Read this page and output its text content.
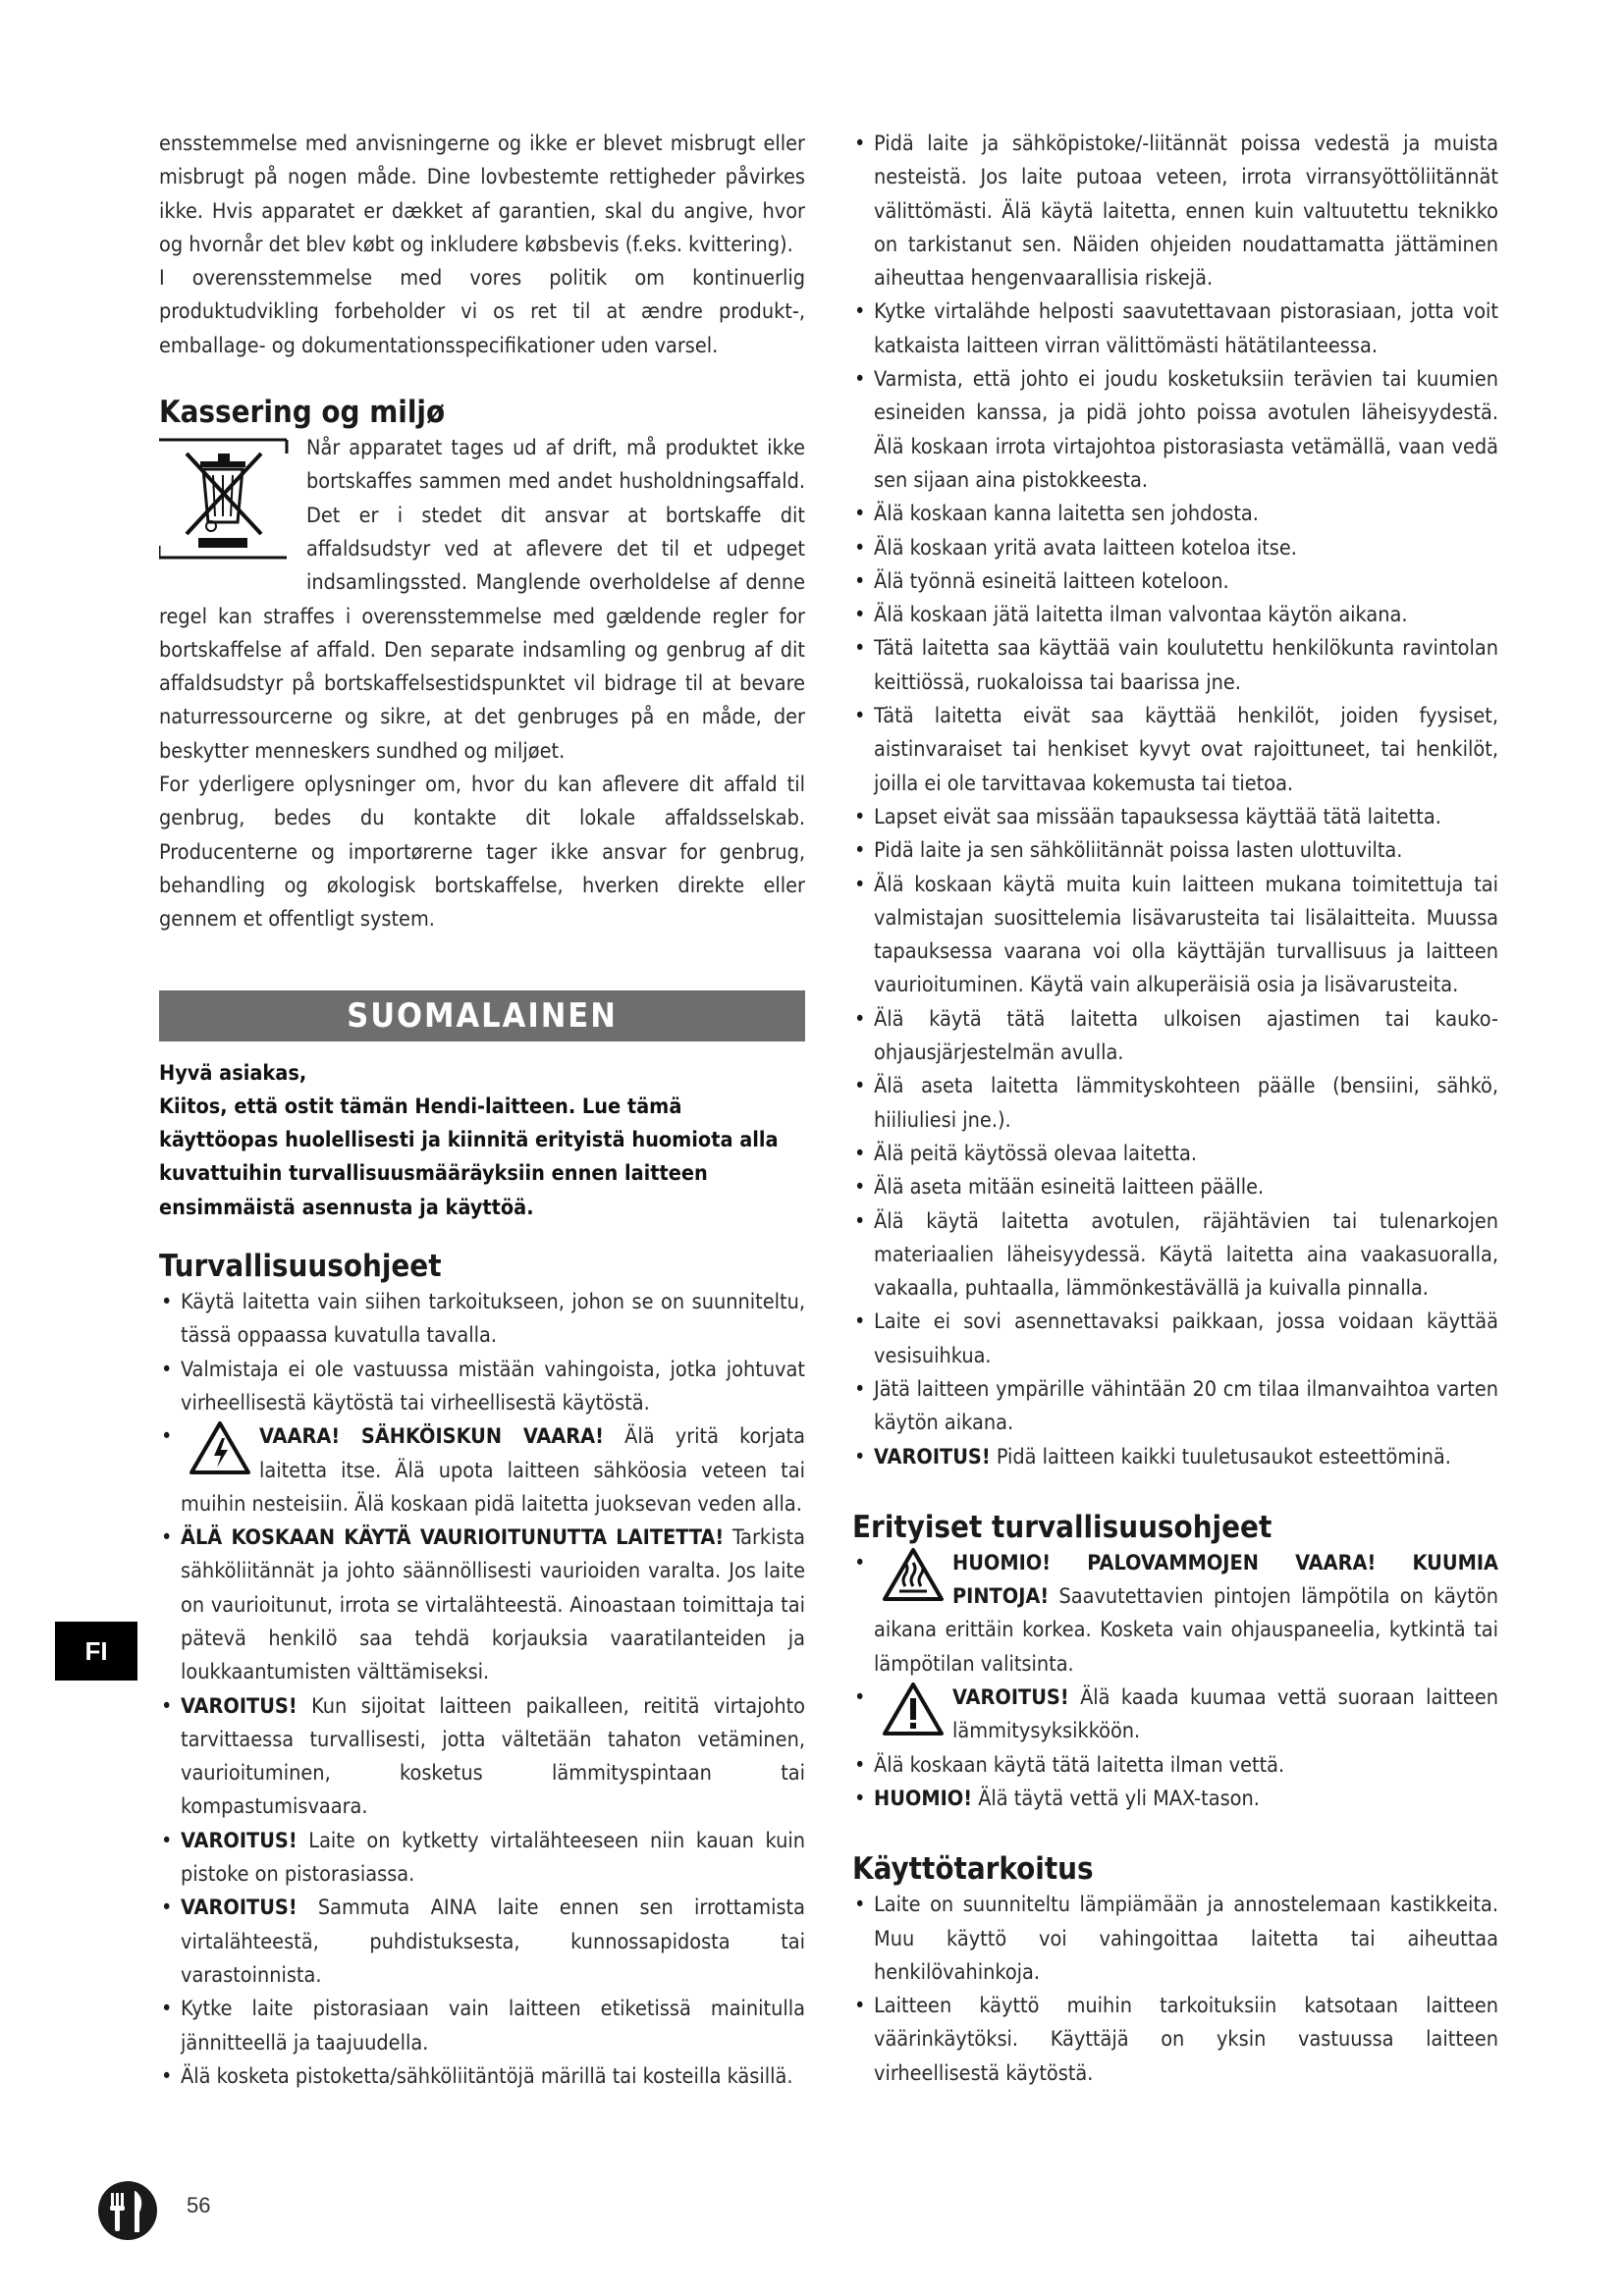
ensstemmelse med anvisningerne og ikke er blevet misbrugt eller misbrugt på nogen måde. Dine lovbestemte rettigheder påvirkes ikke. Hvis apparatet er dækket af garantien, skal du angive, hvor og hvornår det blev købt og inkludere købsbevis (f.eks. kvittering).

I overensstemmelse med vores politik om kontinuerlig produktudvikling forbeholder vi os ret til at ændre produkt-, emballage- og dokumentationsspecifikationer uden varsel.

Kassering og miljø

Når apparatet tages ud af drift, må produktet ikke bortskaffes sammen med andet husholdningsaffald. Det er i stedet dit ansvar at bortskaffe dit affaldsudstyr ved at aflevere det til et udpeget indsamlingssted. Manglende overholdelse af denne regel kan straffes i overensstemmelse med gældende regler for bortskaffelse af affald. Den separate indsamling og genbrug af dit affaldsudstyr på bortskaffelsestidspunktet vil bidrage til at bevare naturressourcerne og sikre, at det genbruges på en måde, der beskytter menneskers sundhed og miljøet.

For yderligere oplysninger om, hvor du kan aflevere dit affald til genbrug, bedes du kontakte dit lokale affaldsselskab. Producenterne og importørerne tager ikke ansvar for genbrug, behandling og økologisk bortskaffelse, hverken direkte eller gennem et offentligt system.

SUOMALAINEN

Hyvä asiakas,

Kiitos, että ostit tämän Hendi-laitteen. Lue tämä käyttöopas huolellisesti ja kiinnitä erityistä huomiota alla kuvattuihin turvallisuusmääräyksiin ennen laitteen ensimmäistä asennusta ja käyttöä.

Turvallisuusohjeet
• Käytä laitetta vain siihen tarkoitukseen, johon se on suunniteltu, tässä oppaassa kuvatulla tavalla.
• Valmistaja ei ole vastuussa mistään vahingoista, jotka johtuvat virheellisestä käytöstä tai virheellisestä käytöstä.
• VAARA! SÄHKÖISKUN VAARA! Älä yritä korjata laitetta itse. Älä upota laitteen sähköosia veteen tai muihin nesteisiin. Älä koskaan pidä laitetta juoksevan veden alla.
• ÄLÄ KOSKAAN KÄYTÄ VAURIOITUNUTTA LAITETTA! Tarkista sähköliitännät ja johto säännöllisesti vaurioiden varalta. Jos laite on vaurioitunut, irrota se virtalähteestä. Ainoastaan toimittaja tai pätevä henkilö saa tehdä korjauksia vaaratilanteiden ja loukkaantumisten välttämiseksi.
• VAROITUS! Kun sijoitat laitteen paikalleen, reititä virtajohto tarvittaessa turvallisesti, jotta vältetään tahaton vetäminen, vaurioituminen, kosketus lämmityspintaan tai kompastumisvaara.
• VAROITUS! Laite on kytketty virtalähteeseen niin kauan kuin pistoke on pistorasiassa.
• VAROITUS! Sammuta AINA laite ennen sen irrottamista virtalähteestä, puhdistuksesta, kunnossapidosta tai varastoinnista.
• Kytke laite pistorasiaan vain laitteen etiketissä mainitulla jännitteellä ja taajuudella.
• Älä kosketa pistoketta/sähköliitäntöjä märillä tai kosteilla käsillä.
• Pidä laite ja sähköpistoke/-liitännät poissa vedestä ja muista nesteistä. Jos laite putoaa veteen, irrota virransyöttöliitännät välittömästi. Älä käytä laitetta, ennen kuin valtuutettu teknikko on tarkistanut sen. Näiden ohjeiden noudattamatta jättäminen aiheuttaa hengenvaarallisia riskejä.
• Kytke virtalähde helposti saavutettavaan pistorasiaan, jotta voit katkaista laitteen virran välittömästi hätätilanteessa.
• Varmista, että johto ei joudu kosketuksiin terävien tai kuumien esineiden kanssa, ja pidä johto poissa avotulen läheisyydestä. Älä koskaan irrota virtajohtoa pistorasiasta vetämällä, vaan vedä sen sijaan aina pistokkeesta.
• Älä koskaan kanna laitetta sen johdosta.
• Älä koskaan yritä avata laitteen koteloa itse.
• Älä työnnä esineitä laitteen koteloon.
• Älä koskaan jätä laitetta ilman valvontaa käytön aikana.
• Tätä laitetta saa käyttää vain koulutettu henkilökunta ravintolan keittiössä, ruokaloissa tai baarissa jne.
• Tätä laitetta eivät saa käyttää henkilöt, joiden fyysiset, aistinvaraiset tai henkiset kyvyt ovat rajoittuneet, tai henkilöt, joilla ei ole tarvittavaa kokemusta tai tietoa.
• Lapset eivät saa missään tapauksessa käyttää tätä laitetta.
• Pidä laite ja sen sähköliitännät poissa lasten ulottuvilta.
• Älä koskaan käytä muita kuin laitteen mukana toimitettuja tai valmistajan suosittelemia lisävarusteita tai lisälaitteita. Muussa tapauksessa vaarana voi olla käyttäjän turvallisuus ja laitteen vaurioituminen. Käytä vain alkuperäisiä osia ja lisävarusteita.
• Älä käytä tätä laitetta ulkoisen ajastimen tai kauko-ohjausjärjestelmän avulla.
• Älä aseta laitetta lämmityskohteen päälle (bensiini, sähkö, hiiliuliesi jne.).
• Älä peitä käytössä olevaa laitetta.
• Älä aseta mitään esineitä laitteen päälle.
• Älä käytä laitetta avotulen, räjähtävien tai tulenarkojen materiaalien läheisyydessä. Käytä laitetta aina vaakasuoralla, vakaalla, puhtaalla, lämmönkestävällä ja kuivalla pinnalla.
• Laite ei sovi asennettavaksi paikkaan, jossa voidaan käyttää vesisuihkua.
• Jätä laitteen ympärille vähintään 20 cm tilaa ilmanvaihtoa varten käytön aikana.
• VAROITUS! Pidä laitteen kaikki tuuletusaukot esteettöminä.
Erityiset turvallisuusohjeet
• HUOMIO! PALOVAMMOJEN VAARA! KUUMIA PINTOJA! Saavutettavien pintojen lämpötila on käytön aikana erittäin korkea. Kosketa vain ohjauspaneelia, kytkintä tai lämpötilan valitsinta.
• VAROITUS! Älä kaada kuumaa vettä suoraan laitteen lämmitysyksikköön.
• Älä koskaan käytä tätä laitetta ilman vettä.
• HUOMIO! Älä täytä vettä yli MAX-tason.
Käyttötarkoitus
• Laite on suunniteltu lämpiämään ja annostelemaan kastikkeita. Muu käyttö voi vahingoittaa laitetta tai aiheuttaa henkilövahinkoja.
• Laitteen käyttö muihin tarkoituksiin katsotaan laitteen väärinkäytöksi. Käyttäjä on yksin vastuussa laitteen virheellisestä käytöstä.
FI
56
